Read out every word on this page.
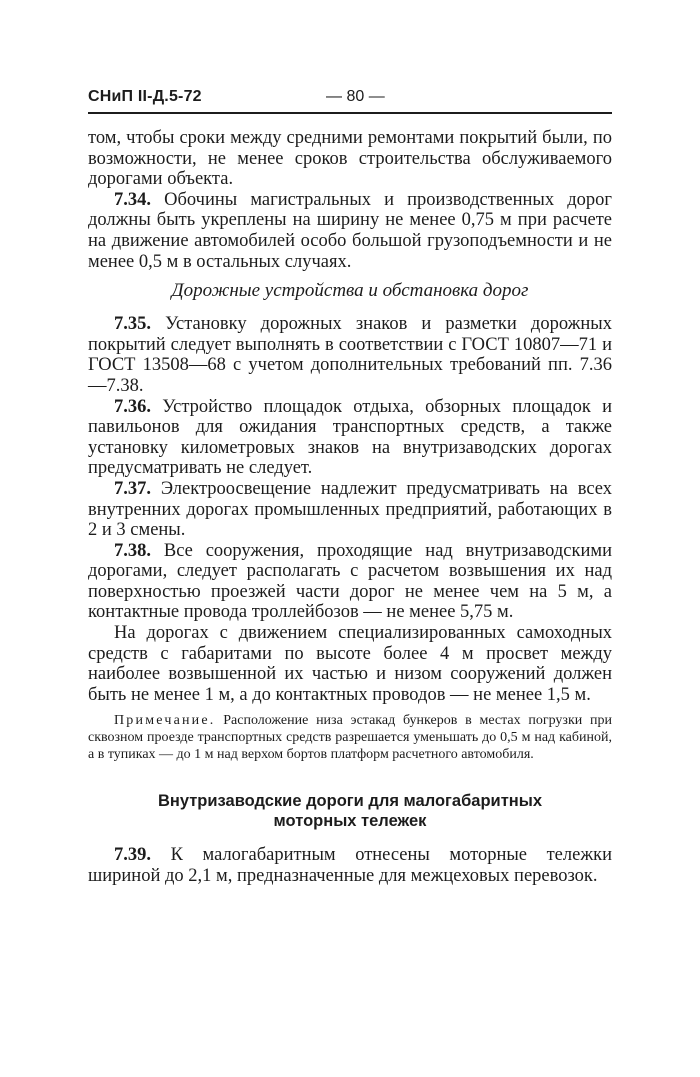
СНиП II-Д.5-72	— 80 —

том, чтобы сроки между средними ремонтами покрытий были, по возможности, не менее сроков строительства обслуживаемого дорогами объекта.

7.34. Обочины магистральных и производственных дорог должны быть укреплены на ширину не менее 0,75 м при расчете на движение автомобилей особо большой грузоподъемности и не менее 0,5 м в остальных случаях.

Дорожные устройства и обстановка дорог

7.35. Установку дорожных знаков и разметки дорожных покрытий следует выполнять в соответствии с ГОСТ 10807—71 и ГОСТ 13508—68 с учетом дополнительных требований пп. 7.36—7.38.

7.36. Устройство площадок отдыха, обзорных площадок и павильонов для ожидания транспортных средств, а также установку километровых знаков на внутризаводских дорогах предусматривать не следует.

7.37. Электроосвещение надлежит предусматривать на всех внутренних дорогах промышленных предприятий, работающих в 2 и 3 смены.

7.38. Все сооружения, проходящие над внутризаводскими дорогами, следует располагать с расчетом возвышения их над поверхностью проезжей части дорог не менее чем на 5 м, а контактные провода троллейбозов — не менее 5,75 м.

На дорогах с движением специализированных самоходных средств с габаритами по высоте более 4 м просвет между наиболее возвышенной их частью и низом сооружений должен быть не менее 1 м, а до контактных проводов — не менее 1,5 м.

Примечание. Расположение низа эстакад бункеров в местах погрузки при сквозном проезде транспортных средств разрешается уменьшать до 0,5 м над кабиной, а в тупиках — до 1 м над верхом бортов платформ расчетного автомобиля.
Внутризаводские дороги для малогабаритных
моторных тележек

7.39. К малогабаритным отнесены моторные тележки шириной до 2,1 м, предназначенные для межцеховых перевозок.
